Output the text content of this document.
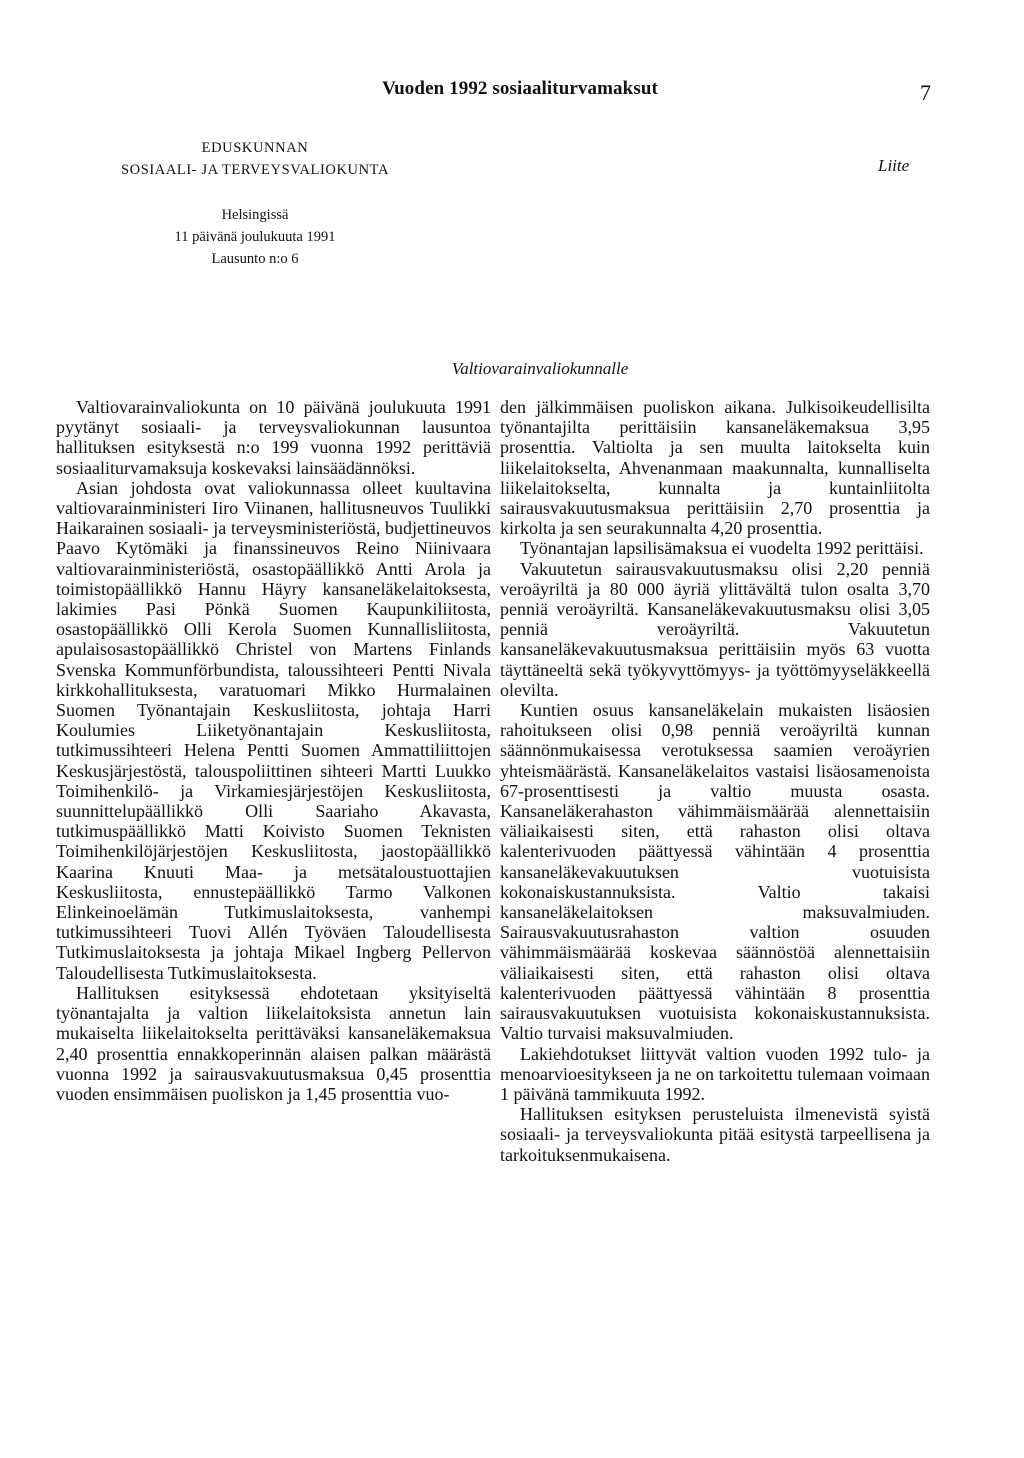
Vuoden 1992 sosiaaliturvamaksut	7
EDUSKUNNAN
SOSIAALI- JA TERVEYSVALIOKUNTA	Liite
Helsingissä
11 päivänä joulukuuta 1991
Lausunto n:o 6
Valtiovarainvaliokunnalle

Valtiovarainvaliokunta on 10 päivänä joulukuuta 1991 pyytänyt sosiaali- ja terveysvaliokunnan lausuntoa hallituksen esityksestä n:o 199 vuonna 1992 perittäviä sosiaaliturvamaksuja koskevaksi lainsäädännöksi.

Asian johdosta ovat valiokunnassa olleet kuultavina valtiovarainministeri Iiro Viinanen, hallitusneuvos Tuulikki Haikarainen sosiaali- ja terveysministeriöstä, budjettineuvos Paavo Kytömäki ja finanssineuvos Reino Niinivaara valtiovarainministeriöstä, osastopäällikkö Antti Arola ja toimistopäällikkö Hannu Häyry kansaneläkelaitoksesta, lakimies Pasi Pönkä Suomen Kaupunkiliitosta, osastopäällikkö Olli Kerola Suomen Kunnallisliitosta, apulaisosastopäällikkö Christel von Martens Finlands Svenska Kommunförbundista, taloussihteeri Pentti Nivala kirkkohallituksesta, varatuomari Mikko Hurmalainen Suomen Työnantajain Keskusliitosta, johtaja Harri Koulumies Liiketyönantajain Keskusliitosta, tutkimussihteeri Helena Pentti Suomen Ammattiliittojen Keskusjärjestöstä, talouspoliittinen sihteeri Martti Luukko Toimihenkilö- ja Virkamiesjärjestöjen Keskusliitosta, suunnittelupäällikkö Olli Saariaho Akavasta, tutkimuspäällikkö Matti Koivisto Suomen Teknisten Toimihenkilöjärjestöjen Keskusliitosta, jaostopäällikkö Kaarina Knuuti Maa- ja metsätaloustuottajien Keskusliitosta, ennustepäällikkö Tarmo Valkonen Elinkeinoelämän Tutkimuslaitoksesta, vanhempi tutkimussihteeri Tuovi Allén Työväen Taloudellisesta Tutkimuslaitoksesta ja johtaja Mikael Ingberg Pellervon Taloudellisesta Tutkimuslaitoksesta.

Hallituksen esityksessä ehdotetaan yksityiseltä työnantajalta ja valtion liikelaitoksista annetun lain mukaiselta liikelaitokselta perittäväksi kansaneläkemaksua 2,40 prosenttia ennakkoperinnän alaisen palkan määrästä vuonna 1992 ja sairausvakuutusmaksua 0,45 prosenttia vuoden ensimmäisen puoliskon ja 1,45 prosenttia vuo-

den jälkimmäisen puoliskon aikana. Julkisoikeudellisilta työnantajilta perittäisiin kansaneläkemaksua 3,95 prosenttia. Valtiolta ja sen muulta laitokselta kuin liikelaitokselta, Ahvenanmaan maakunnalta, kunnalliselta liikelaitokselta, kunnalta ja kuntainliitolta sairausvakuutusmaksua perittäisiin 2,70 prosenttia ja kirkolta ja sen seurakunnalta 4,20 prosenttia.

Työnantajan lapsilisämaksua ei vuodelta 1992 perittäisi.

Vakuutetun sairausvakuutusmaksu olisi 2,20 penniä veroäyriltä ja 80 000 äyriä ylittävältä tulon osalta 3,70 penniä veroäyriltä. Kansaneläkevakuutusmaksu olisi 3,05 penniä veroäyriltä. Vakuutetun kansaneläkevakuutusmaksua perittäisiin myös 63 vuotta täyttäneeltä sekä työkyvyttömyys- ja työttömyyseläkkeellä olevilta.

Kuntien osuus kansaneläkelain mukaisten lisäosien rahoitukseen olisi 0,98 penniä veroäyriltä kunnan säännönmukaisessa verotuksessa saamien veroäyrien yhteismäärästä. Kansaneläkelaitos vastaisi lisäosamenoista 67-prosenttisesti ja valtio muusta osasta. Kansaneläkerahaston vähimmäismäärää alennettaisiin väliaikaisesti siten, että rahaston olisi oltava kalenterivuoden päättyessä vähintään 4 prosenttia kansaneläkevakuutuksen vuotuisista kokonaiskustannuksista. Valtio takaisi kansaneläkelaitoksen maksuvalmiuden. Sairausvakuutusrahaston valtion osuuden vähimmäismäärää koskevaa säännöstöä alennettaisiin väliaikaisesti siten, että rahaston olisi oltava kalenterivuoden päättyessä vähintään 8 prosenttia sairausvakuutuksen vuotuisista kokonaiskustannuksista. Valtio turvaisi maksuvalmiuden.

Lakiehdotukset liittyvät valtion vuoden 1992 tulo- ja menoarvioesitykseen ja ne on tarkoitettu tulemaan voimaan 1 päivänä tammikuuta 1992.

Hallituksen esityksen perusteluista ilmenevistä syistä sosiaali- ja terveysvaliokunta pitää esitystä tarpeellisena ja tarkoituksenmukaisena.
